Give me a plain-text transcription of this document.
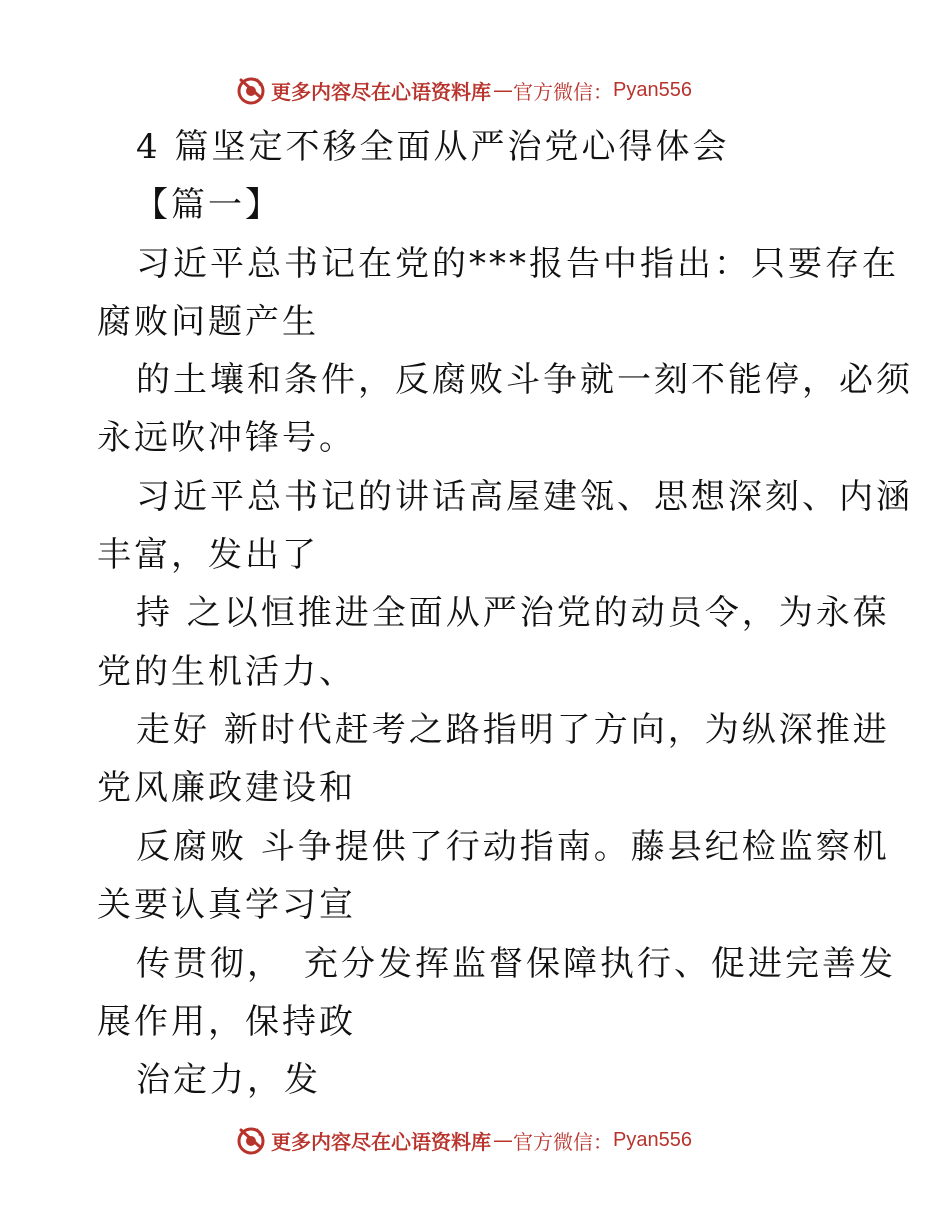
更多内容尽在心语资料库 — 官方微信： Pyan556
4 篇坚定不移全面从严治党心得体会
【篇一】
习近平总书记在党的***报告中指出：只要存在
腐败问题产生
的土壤和条件，反腐败斗争就一刻不能停，必须
永远吹冲锋号。
习近平总书记的讲话高屋建瓴、思想深刻、内涵
丰富，发出了
持 之以恒推进全面从严治党的动员令，为永葆
党的生机活力、
走好 新时代赶考之路指明了方向，为纵深推进
党风廉政建设和
反腐败 斗争提供了行动指南。藤县纪检监察机
关要认真学习宣
传贯彻，　充分发挥监督保障执行、促进完善发
展作用，保持政
治定力，发
更多内容尽在心语资料库 — 官方微信： Pyan556
